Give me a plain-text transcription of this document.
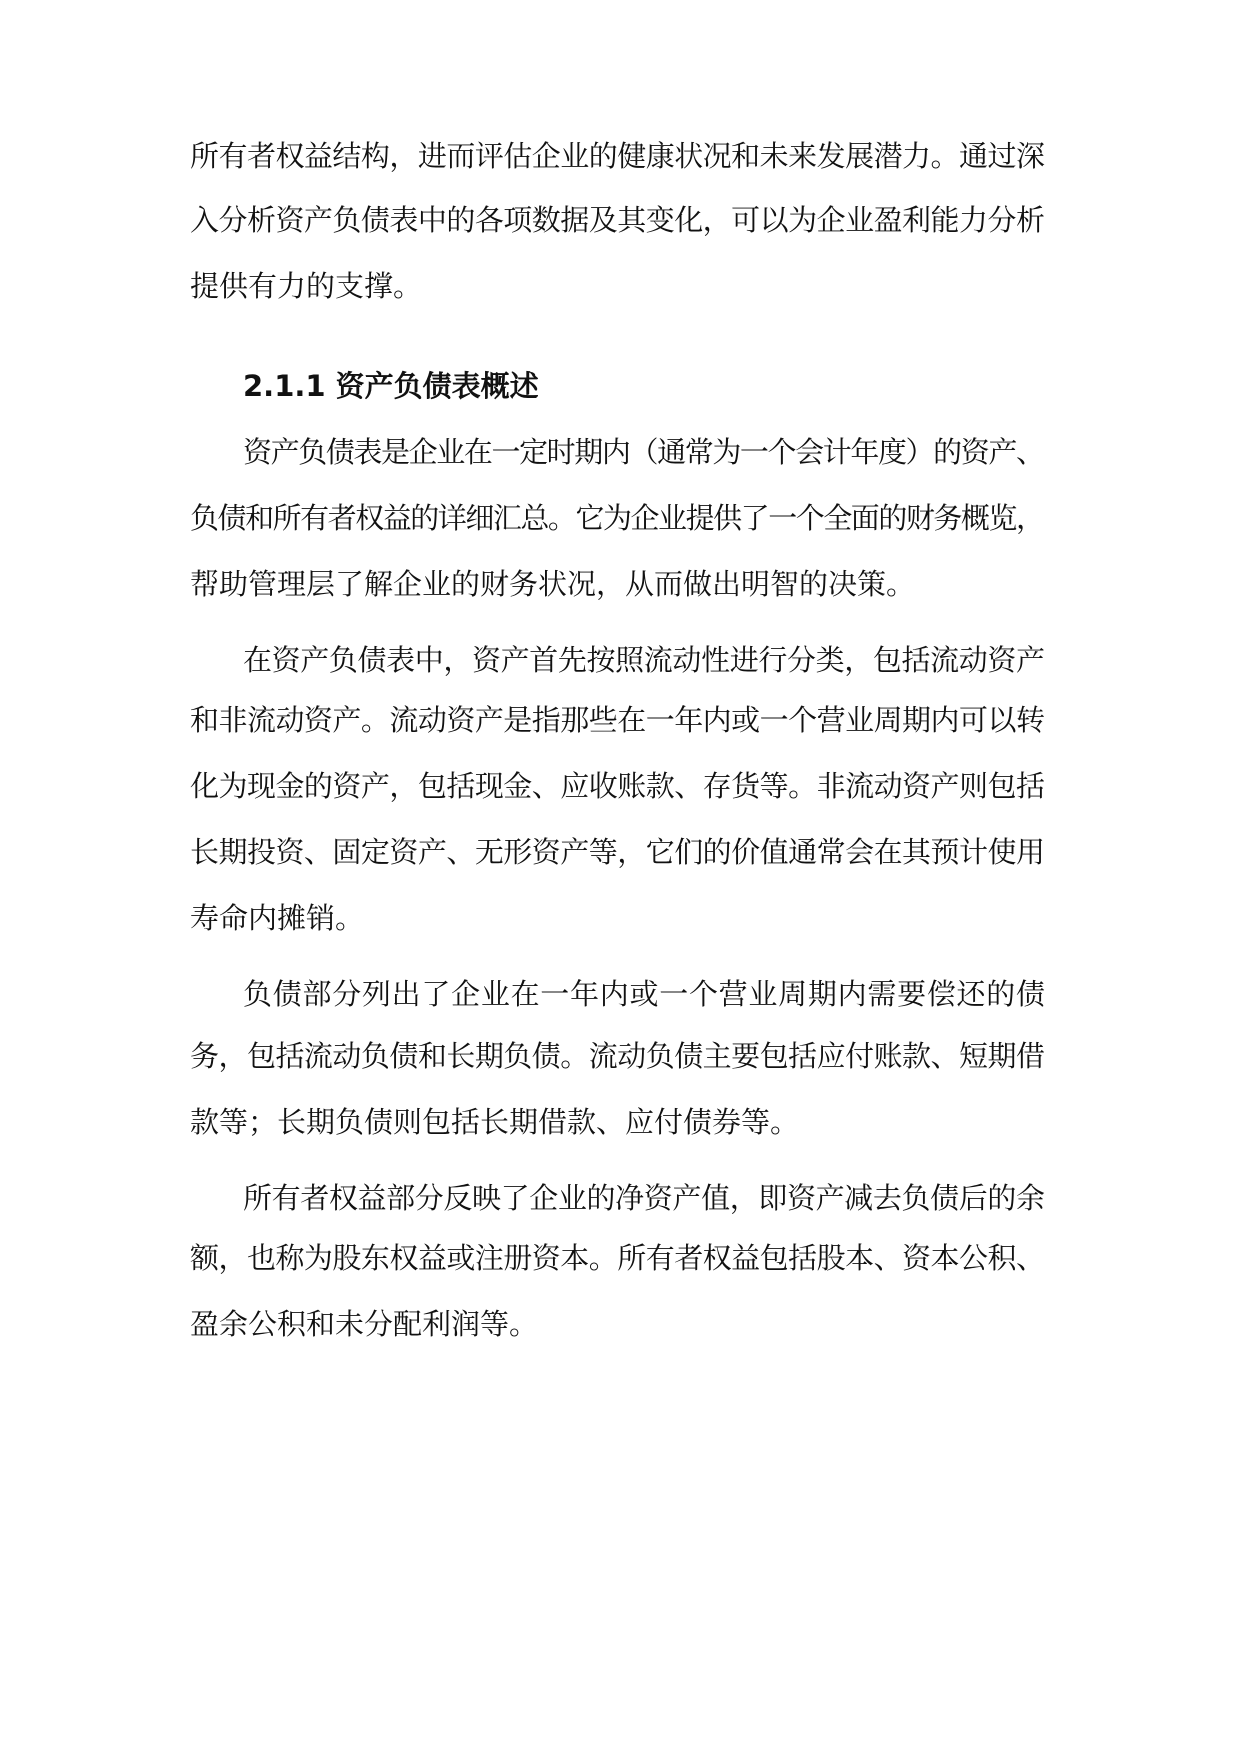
所有者权益结构，进而评估企业的健康状况和未来发展潜力。通过深
入分析资产负债表中的各项数据及其变化，可以为企业盈利能力分析
提供有力的支撑。
2.1.1 资产负债表概述
资产负债表是企业在一定时期内（通常为一个会计年度）的资产、
负债和所有者权益的详细汇总。它为企业提供了一个全面的财务概览，
帮助管理层了解企业的财务状况，从而做出明智的决策。
在资产负债表中，资产首先按照流动性进行分类，包括流动资产
和非流动资产。流动资产是指那些在一年内或一个营业周期内可以转
化为现金的资产，包括现金、应收账款、存货等。非流动资产则包括
长期投资、固定资产、无形资产等，它们的价值通常会在其预计使用
寿命内摊销。
负债部分列出了企业在一年内或一个营业周期内需要偿还的债
务，包括流动负债和长期负债。流动负债主要包括应付账款、短期借
款等；长期负债则包括长期借款、应付债券等。
所有者权益部分反映了企业的净资产值，即资产减去负债后的余
额，也称为股东权益或注册资本。所有者权益包括股本、资本公积、
盈余公积和未分配利润等。
